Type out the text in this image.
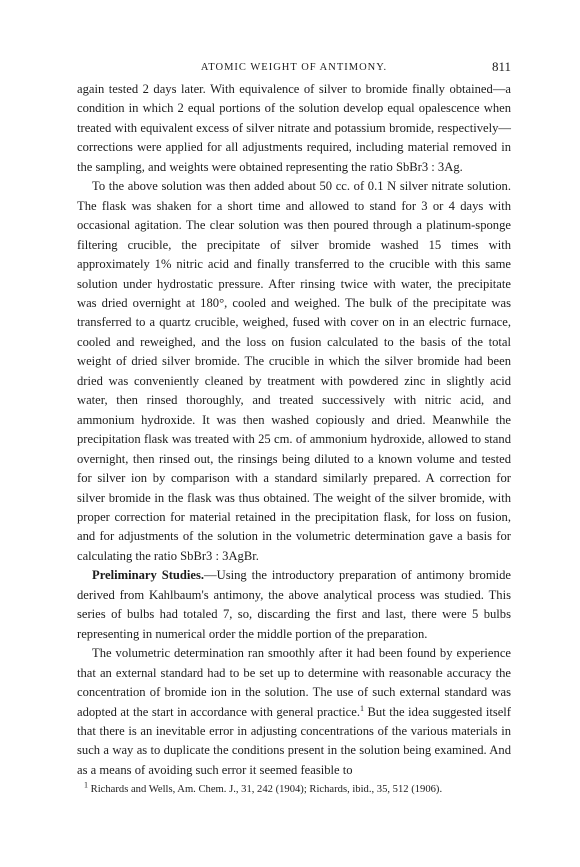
ATOMIC WEIGHT OF ANTIMONY.	811

again tested 2 days later. With equivalence of silver to bromide finally obtained—a condition in which 2 equal portions of the solution develop equal opalescence when treated with equivalent excess of silver nitrate and potassium bromide, respectively—corrections were applied for all adjustments required, including material removed in the sampling, and weights were obtained representing the ratio SbBr3 : 3Ag.

To the above solution was then added about 50 cc. of 0.1 N silver nitrate solution. The flask was shaken for a short time and allowed to stand for 3 or 4 days with occasional agitation. The clear solution was then poured through a platinum-sponge filtering crucible, the precipitate of silver bromide washed 15 times with approximately 1% nitric acid and finally transferred to the crucible with this same solution under hydrostatic pressure. After rinsing twice with water, the precipitate was dried overnight at 180°, cooled and weighed. The bulk of the precipitate was transferred to a quartz crucible, weighed, fused with cover on in an electric furnace, cooled and reweighed, and the loss on fusion calculated to the basis of the total weight of dried silver bromide. The crucible in which the silver bromide had been dried was conveniently cleaned by treatment with powdered zinc in slightly acid water, then rinsed thoroughly, and treated successively with nitric acid, and ammonium hydroxide. It was then washed copiously and dried. Meanwhile the precipitation flask was treated with 25 cm. of ammonium hydroxide, allowed to stand overnight, then rinsed out, the rinsings being diluted to a known volume and tested for silver ion by comparison with a standard similarly prepared. A correction for silver bromide in the flask was thus obtained. The weight of the silver bromide, with proper correction for material retained in the precipitation flask, for loss on fusion, and for adjustments of the solution in the volumetric determination gave a basis for calculating the ratio SbBr3 : 3AgBr.

Preliminary Studies.—Using the introductory preparation of antimony bromide derived from Kahlbaum's antimony, the above analytical process was studied. This series of bulbs had totaled 7, so, discarding the first and last, there were 5 bulbs representing in numerical order the middle portion of the preparation.

The volumetric determination ran smoothly after it had been found by experience that an external standard had to be set up to determine with reasonable accuracy the concentration of bromide ion in the solution. The use of such external standard was adopted at the start in accordance with general practice.$^1$ But the idea suggested itself that there is an inevitable error in adjusting concentrations of the various materials in such a way as to duplicate the conditions present in the solution being examined. And as a means of avoiding such error it seemed feasible to

$^1$ Richards and Wells, Am. Chem. J., 31, 242 (1904); Richards, ibid., 35, 512 (1906).
